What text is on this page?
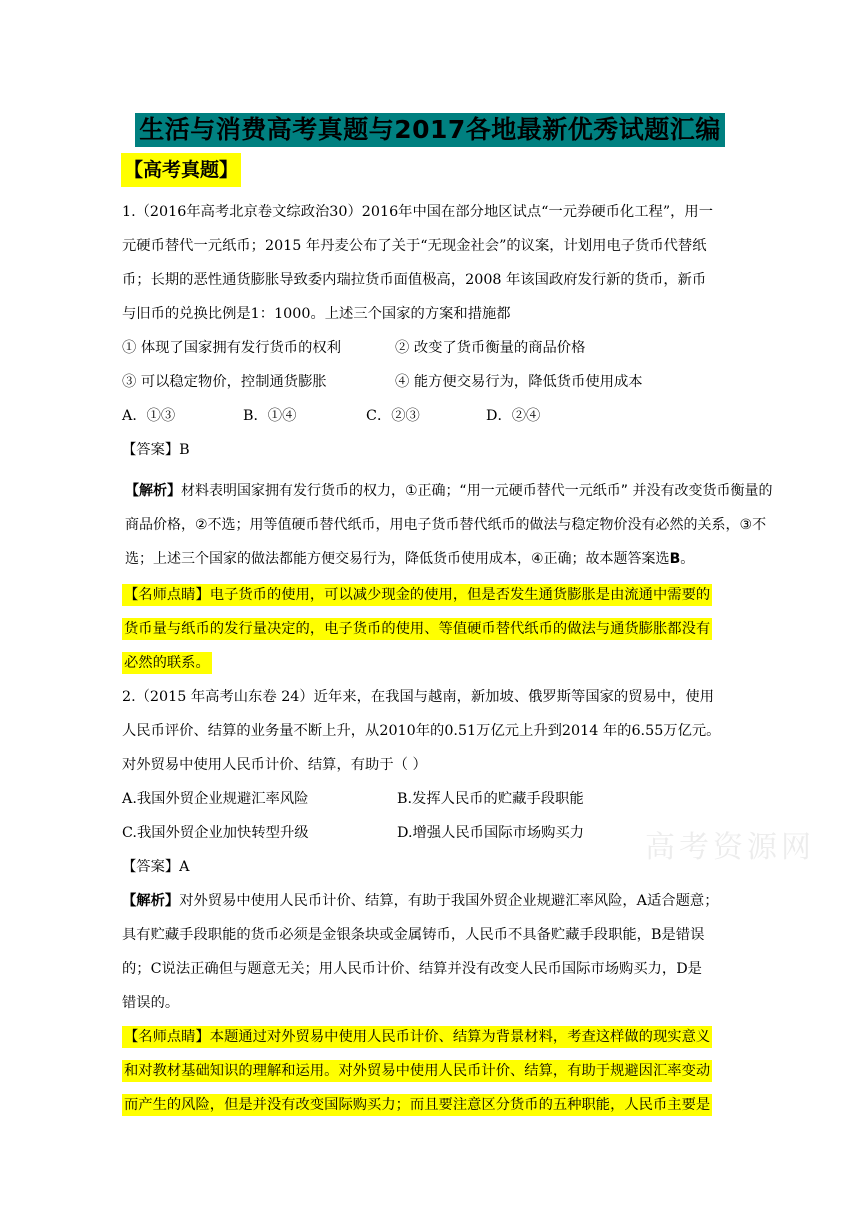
生活与消费高考真题与2017各地最新优秀试题汇编
【高考真题】
1.（2016年高考北京卷文综政治30）2016年中国在部分地区试点“一元券硬币化工程”，用一
元硬币替代一元纸币；2015 年丹麦公布了关于“无现金社会”的议案，计划用电子货币代替纸
币；长期的恶性通货膨胀导致委内瑞拉货币面值极高，2008 年该国政府发行新的货币，新币
与旧币的兑换比例是1：1000。上述三个国家的方案和措施都
① 体现了国家拥有发行货币的权利	② 改变了货币衡量的商品价格
③ 可以稳定物价，控制通货膨胀	④ 能方便交易行为，降低货币使用成本
A．①③	B．①④	C．②③	D．②④
【答案】B
【解析】材料表明国家拥有发行货币的权力，①正确；“用一元硬币替代一元纸币” 并没有改变货币衡量的
商品价格，②不选；用等值硬币替代纸币，用电子货币替代纸币的做法与稳定物价没有必然的关系，③不
选；上述三个国家的做法都能方便交易行为，降低货币使用成本，④正确；故本题答案选B。
【名师点睛】电子货币的使用，可以减少现金的使用，但是否发生通货膨胀是由流通中需要的
货币量与纸币的发行量决定的，电子货币的使用、等值硬币替代纸币的做法与通货膨胀都没有
必然的联系。
2.（2015 年高考山东卷 24）近年来，在我国与越南，新加坡、俄罗斯等国家的贸易中，使用
人民币评价、结算的业务量不断上升，从2010年的0.51万亿元上升到2014 年的6.55万亿元。
对外贸易中使用人民币计价、结算，有助于（ ）
A.我国外贸企业规避汇率风险	B.发挥人民币的贮藏手段职能
C.我国外贸企业加快转型升级	D.增强人民币国际市场购买力 高考资源网
【答案】A
【解析】对外贸易中使用人民币计价、结算，有助于我国外贸企业规避汇率风险，A适合题意；
具有贮藏手段职能的货币必须是金银条块或金属铸币，人民币不具备贮藏手段职能，B是错误
的；C说法正确但与题意无关；用人民币计价、结算并没有改变人民币国际市场购买力，D是
错误的。
【名师点睛】本题通过对外贸易中使用人民币计价、结算为背景材料，考查这样做的现实意义
和对教材基础知识的理解和运用。对外贸易中使用人民币计价、结算，有助于规避因汇率变动
而产生的风险，但是并没有改变国际购买力；而且要注意区分货币的五种职能，人民币主要是
